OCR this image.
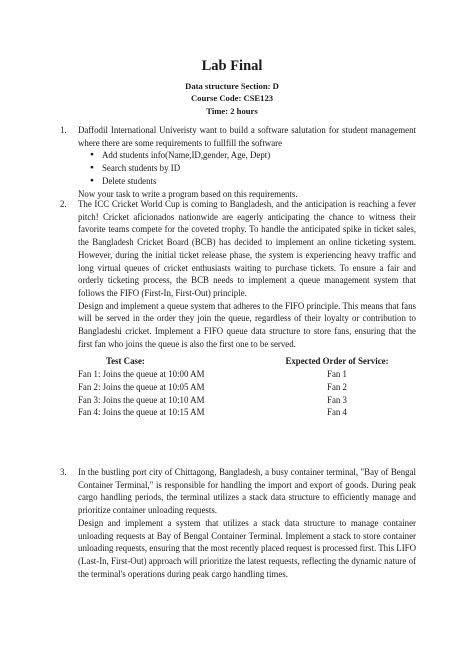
Lab Final
Data structure Section: D
Course Code: CSE123
Time: 2 hours
1. Daffodil International Univeristy want to build a software salutation for student management where there are some requirements to fullfill the software

● Add students info(Name,ID,gender, Age, Dept)
● Search students by ID
● Delete students

Now your task to write a program based on this requirements.

2. The ICC Cricket World Cup is coming to Bangladesh, and the anticipation is reaching a fever pitch! Cricket aficionados nationwide are eagerly anticipating the chance to witness their favorite teams compete for the coveted trophy. To handle the anticipated spike in ticket sales, the Bangladesh Cricket Board (BCB) has decided to implement an online ticketing system. However, during the initial ticket release phase, the system is experiencing heavy traffic and long virtual queues of cricket enthusiasts waiting to purchase tickets. To ensure a fair and orderly ticketing process, the BCB needs to implement a queue management system that follows the FIFO (First-In, First-Out) principle.

Design and implement a queue system that adheres to the FIFO principle. This means that fans will be served in the order they join the queue, regardless of their loyalty or contribution to Bangladeshi cricket. Implement a FIFO queue data structure to store fans, ensuring that the first fan who joins the queue is also the first one to be served.

Test Case:
Fan 1: Joins the queue at 10:00 AM
Fan 2: Joins the queue at 10:05 AM
Fan 3: Joins the queue at 10:10 AM
Fan 4: Joins the queue at 10:15 AM
Expected Order of Service:
Fan 1
Fan 2
Fan 3
Fan 4
3. In the bustling port city of Chittagong, Bangladesh, a busy container terminal, "Bay of Bengal Container Terminal," is responsible for handling the import and export of goods. During peak cargo handling periods, the terminal utilizes a stack data structure to efficiently manage and prioritize container unloading requests.

Design and implement a system that utilizes a stack data structure to manage container unloading requests at Bay of Bengal Container Terminal. Implement a stack to store container unloading requests, ensuring that the most recently placed request is processed first. This LIFO (Last-In, First-Out) approach will prioritize the latest requests, reflecting the dynamic nature of the terminal's operations during peak cargo handling times.
